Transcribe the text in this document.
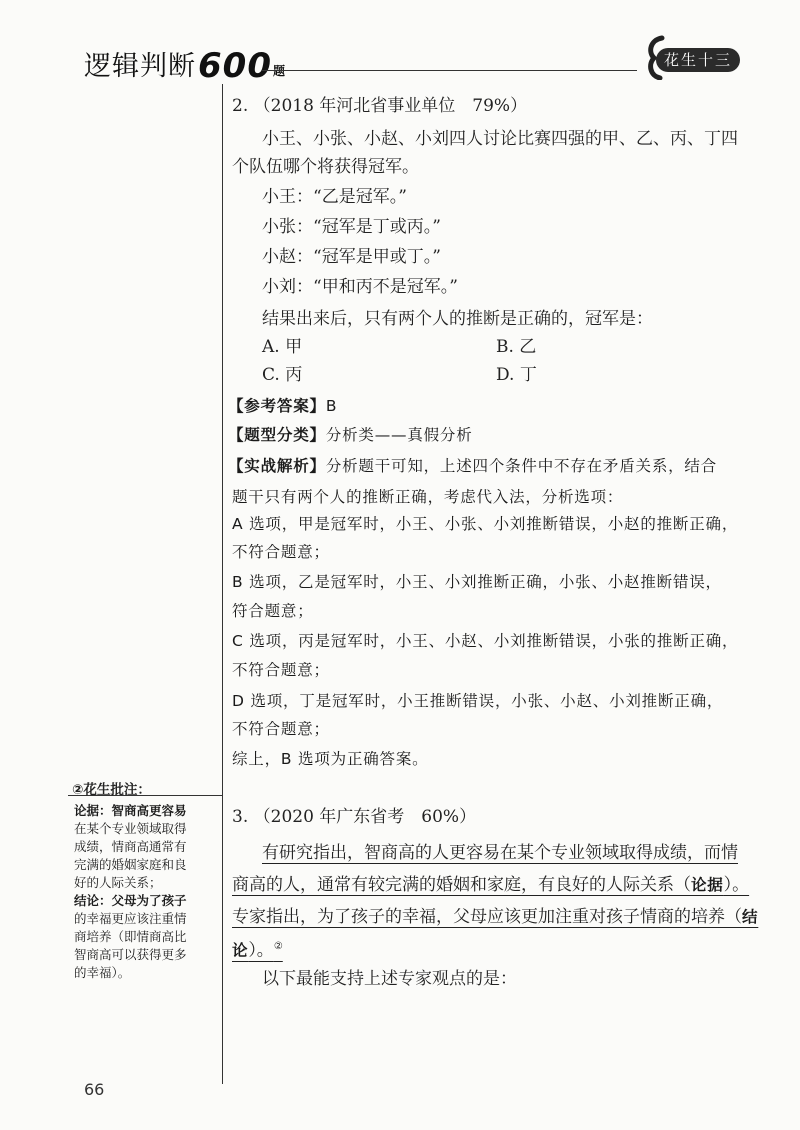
逻辑判断 600 题
花生十三
2. （2018 年河北省事业单位　79%）
小王、小张、小赵、小刘四人讨论比赛四强的甲、乙、丙、丁四
个队伍哪个将获得冠军。
小王：“乙是冠军。”
小张：“冠军是丁或丙。”
小赵：“冠军是甲或丁。”
小刘：“甲和丙不是冠军。”
结果出来后，只有两个人的推断是正确的，冠军是：
A. 甲	B. 乙
C. 丙	D. 丁
【参考答案】B
【题型分类】分析类——真假分析
【实战解析】分析题干可知，上述四个条件中不存在矛盾关系，结合
题干只有两个人的推断正确，考虑代入法，分析选项：
A 选项，甲是冠军时，小王、小张、小刘推断错误，小赵的推断正确，
不符合题意；
B 选项，乙是冠军时，小王、小刘推断正确，小张、小赵推断错误，
符合题意；
C 选项，丙是冠军时，小王、小赵、小刘推断错误，小张的推断正确，
不符合题意；
D 选项，丁是冠军时，小王推断错误，小张、小赵、小刘推断正确，
不符合题意；
综上，B 选项为正确答案。
②花生批注：
论据：智商高更容易
在某个专业领域取得
成绩，情商高通常有
完满的婚姻家庭和良
好的人际关系；
结论：父母为了孩子
的幸福更应该注重情
商培养（即情商高比
智商高可以获得更多
的幸福）。
3. （2020 年广东省考　60%）
有研究指出，智商高的人更容易在某个专业领域取得成绩，而情
商高的人，通常有较完满的婚姻和家庭，有良好的人际关系（论据）。
专家指出，为了孩子的幸福，父母应该更加注重对孩子情商的培养（结
论）。②
以下最能支持上述专家观点的是：
66
